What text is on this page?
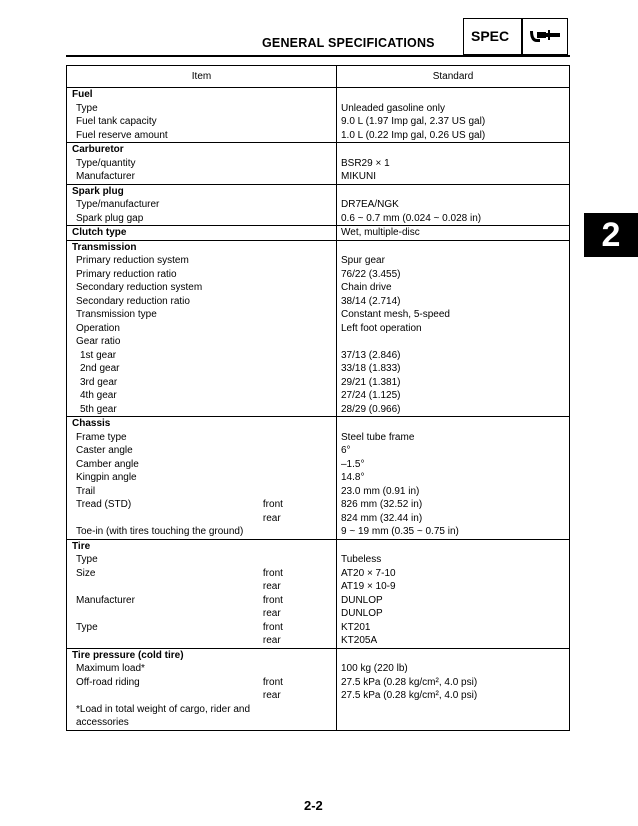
GENERAL SPECIFICATIONS	SPEC
2
Item		Standard
Fuel		
Type		Unleaded gasoline only
Fuel tank capacity		9.0 L (1.97 Imp gal, 2.37 US gal)
Fuel reserve amount		1.0 L (0.22 Imp gal, 0.26 US gal)
Carburetor		
Type/quantity		BSR29 × 1
Manufacturer		MIKUNI
Spark plug		
Type/manufacturer		DR7EA/NGK
Spark plug gap		0.6 ~ 0.7 mm (0.024 ~ 0.028 in)
Clutch type		Wet, multiple-disc
Transmission		
Primary reduction system		Spur gear
Primary reduction ratio		76/22 (3.455)
Secondary reduction system		Chain drive
Secondary reduction ratio		38/14 (2.714)
Transmission type		Constant mesh, 5-speed
Operation		Left foot operation
Gear ratio		
1st gear		37/13 (2.846)
2nd gear		33/18 (1.833)
3rd gear		29/21 (1.381)
4th gear		27/24 (1.125)
5th gear		28/29 (0.966)
Chassis		
Frame type		Steel tube frame
Caster angle		6°
Camber angle		–1.5°
Kingpin angle		14.8°
Trail		23.0 mm (0.91 in)
Tread (STD)	front	826 mm (32.52 in)
	rear	824 mm (32.44 in)
Toe-in (with tires touching the ground)		9 ~ 19 mm (0.35 ~ 0.75 in)
Tire		
Type		Tubeless
Size	front	AT20 × 7-10
	rear	AT19 × 10-9
Manufacturer	front	DUNLOP
	rear	DUNLOP
Type	front	KT201
	rear	KT205A
Tire pressure (cold tire)		
Maximum load*		100 kg (220 lb)
Off-road riding	front	27.5 kPa (0.28 kg/cm², 4.0 psi)
	rear	27.5 kPa (0.28 kg/cm², 4.0 psi)
*Load in total weight of cargo, rider and accessories		
2-2
